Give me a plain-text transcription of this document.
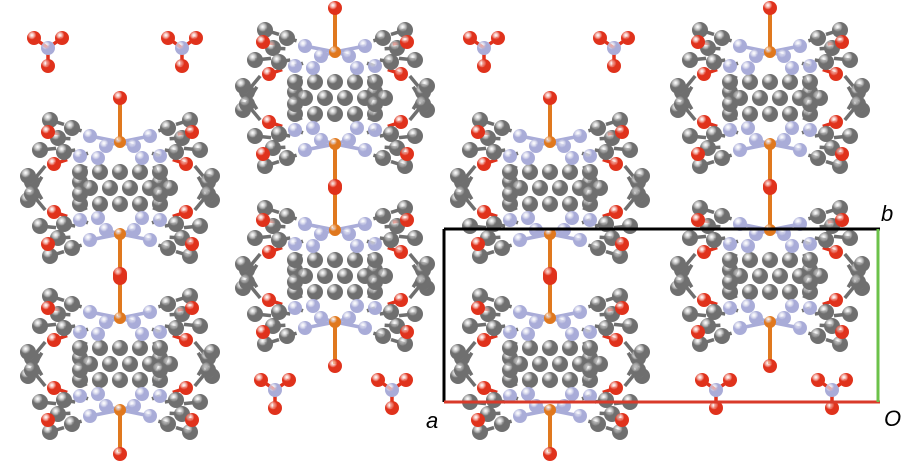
b
a	O
